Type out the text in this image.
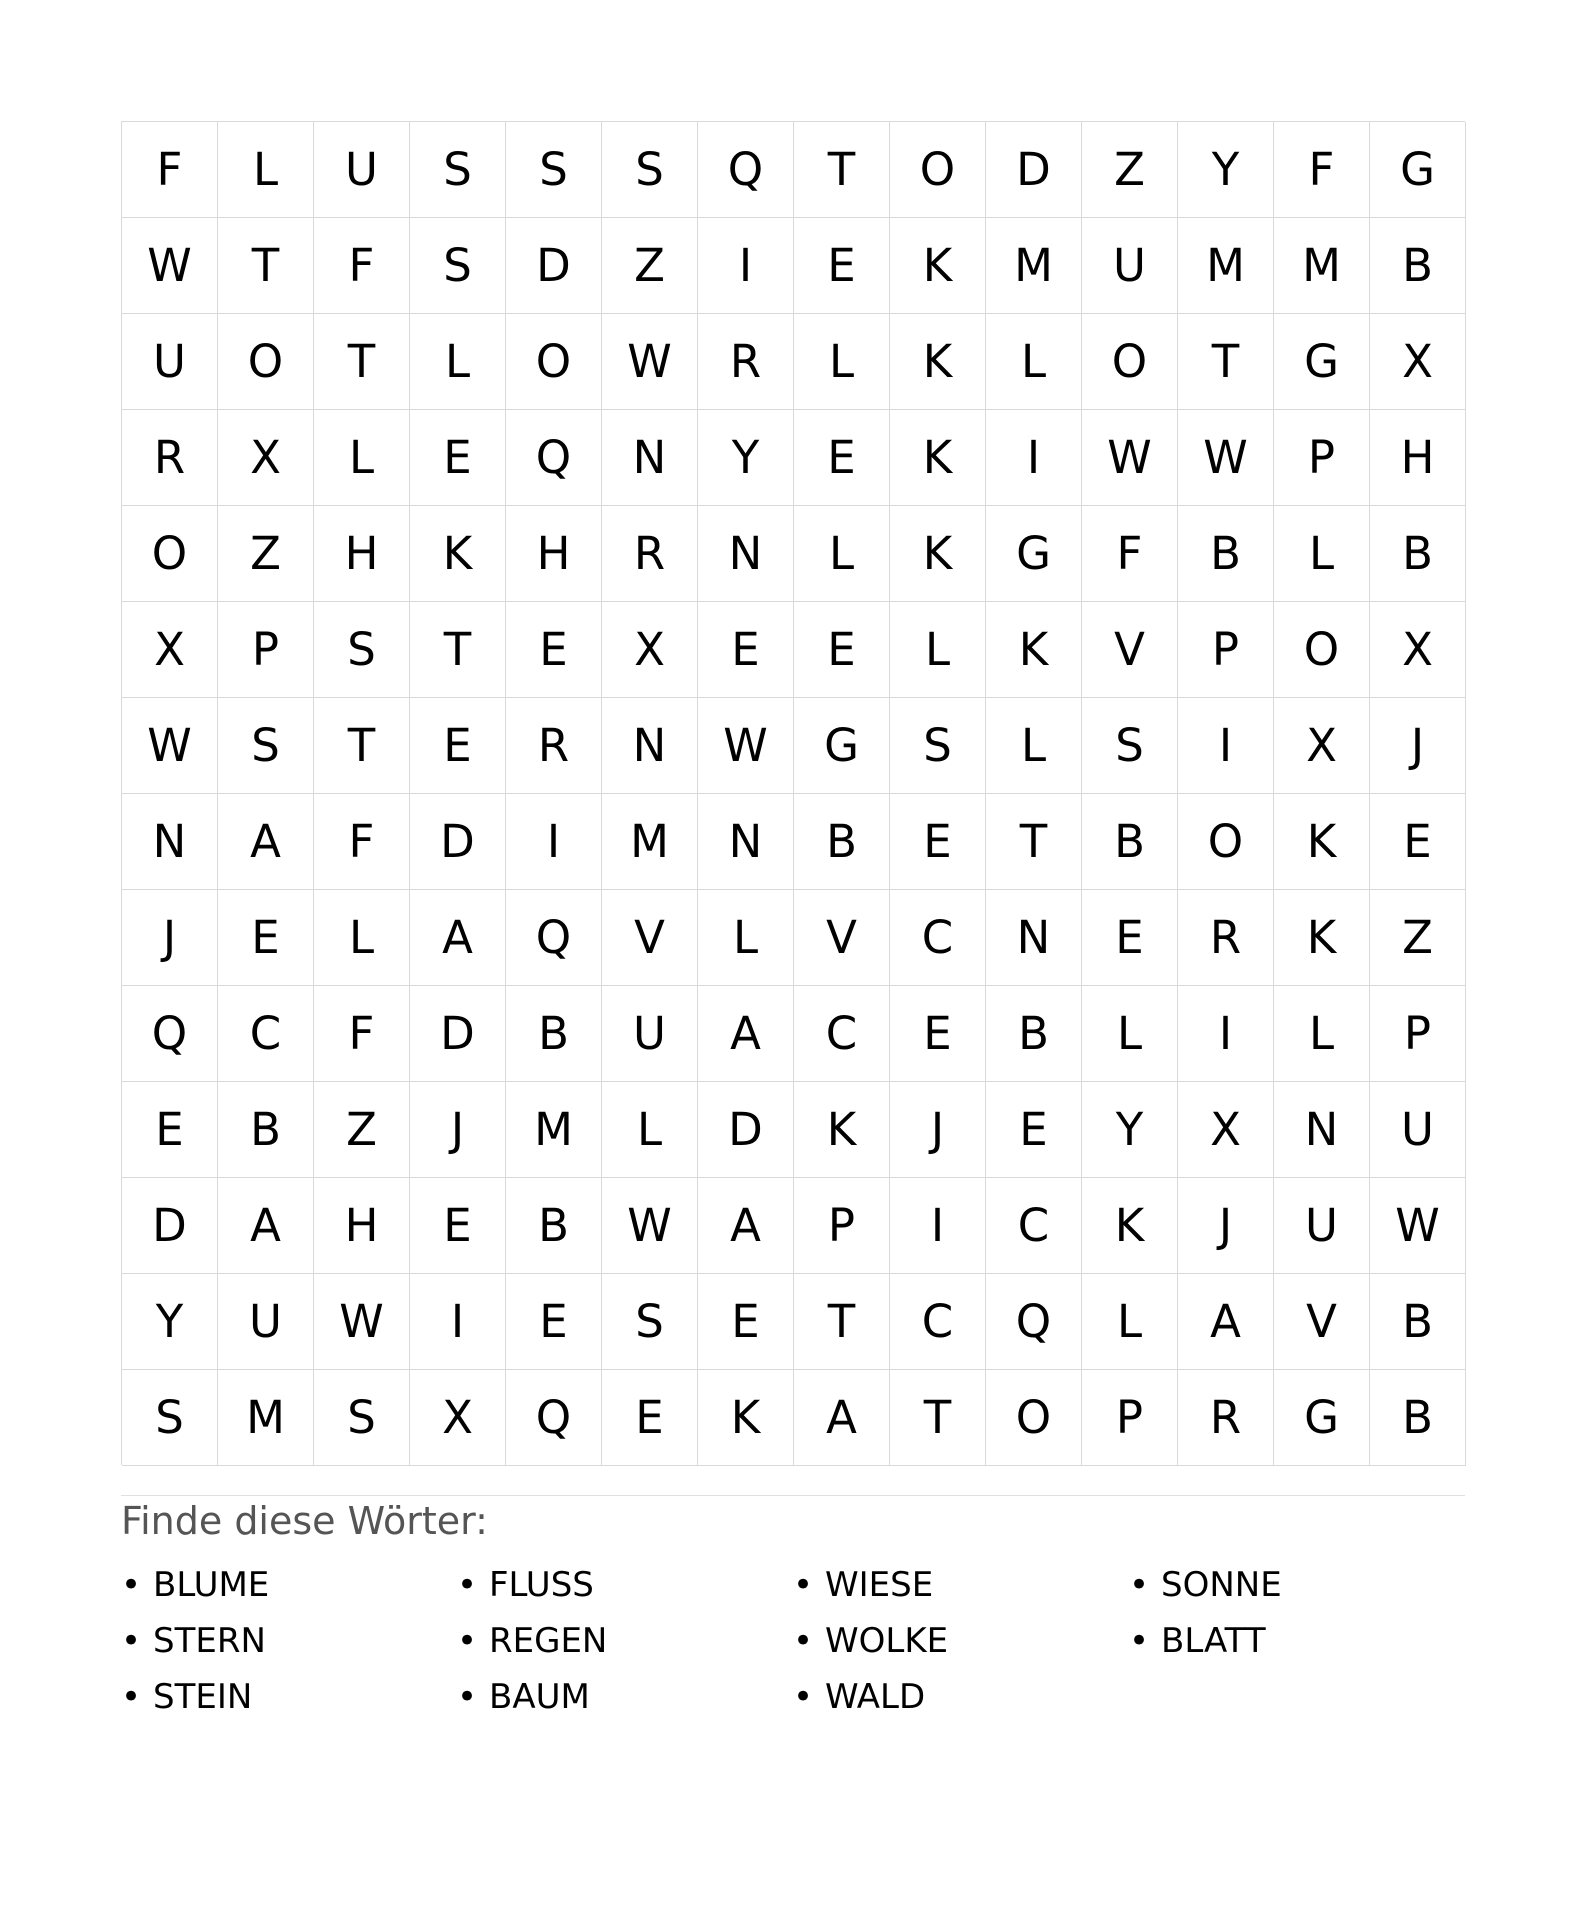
F	L	U	S	S	S	Q	T	O	D	Z	Y	F	G
W	T	F	S	D	Z	I	E	K	M	U	M	M	B
U	O	T	L	O	W	R	L	K	L	O	T	G	X
R	X	L	E	Q	N	Y	E	K	I	W	W	P	H
O	Z	H	K	H	R	N	L	K	G	F	B	L	B
X	P	S	T	E	X	E	E	L	K	V	P	O	X
W	S	T	E	R	N	W	G	S	L	S	I	X	J
N	A	F	D	I	M	N	B	E	T	B	O	K	E
J	E	L	A	Q	V	L	V	C	N	E	R	K	Z
Q	C	F	D	B	U	A	C	E	B	L	I	L	P
E	B	Z	J	M	L	D	K	J	E	Y	X	N	U
D	A	H	E	B	W	A	P	I	C	K	J	U	W
Y	U	W	I	E	S	E	T	C	Q	L	A	V	B
S	M	S	X	Q	E	K	A	T	O	P	R	G	B
Finde diese Wörter:
• BLUME	• FLUSS	• WIESE	• SONNE
• STERN	• REGEN	• WOLKE	• BLATT
• STEIN	• BAUM	• WALD
